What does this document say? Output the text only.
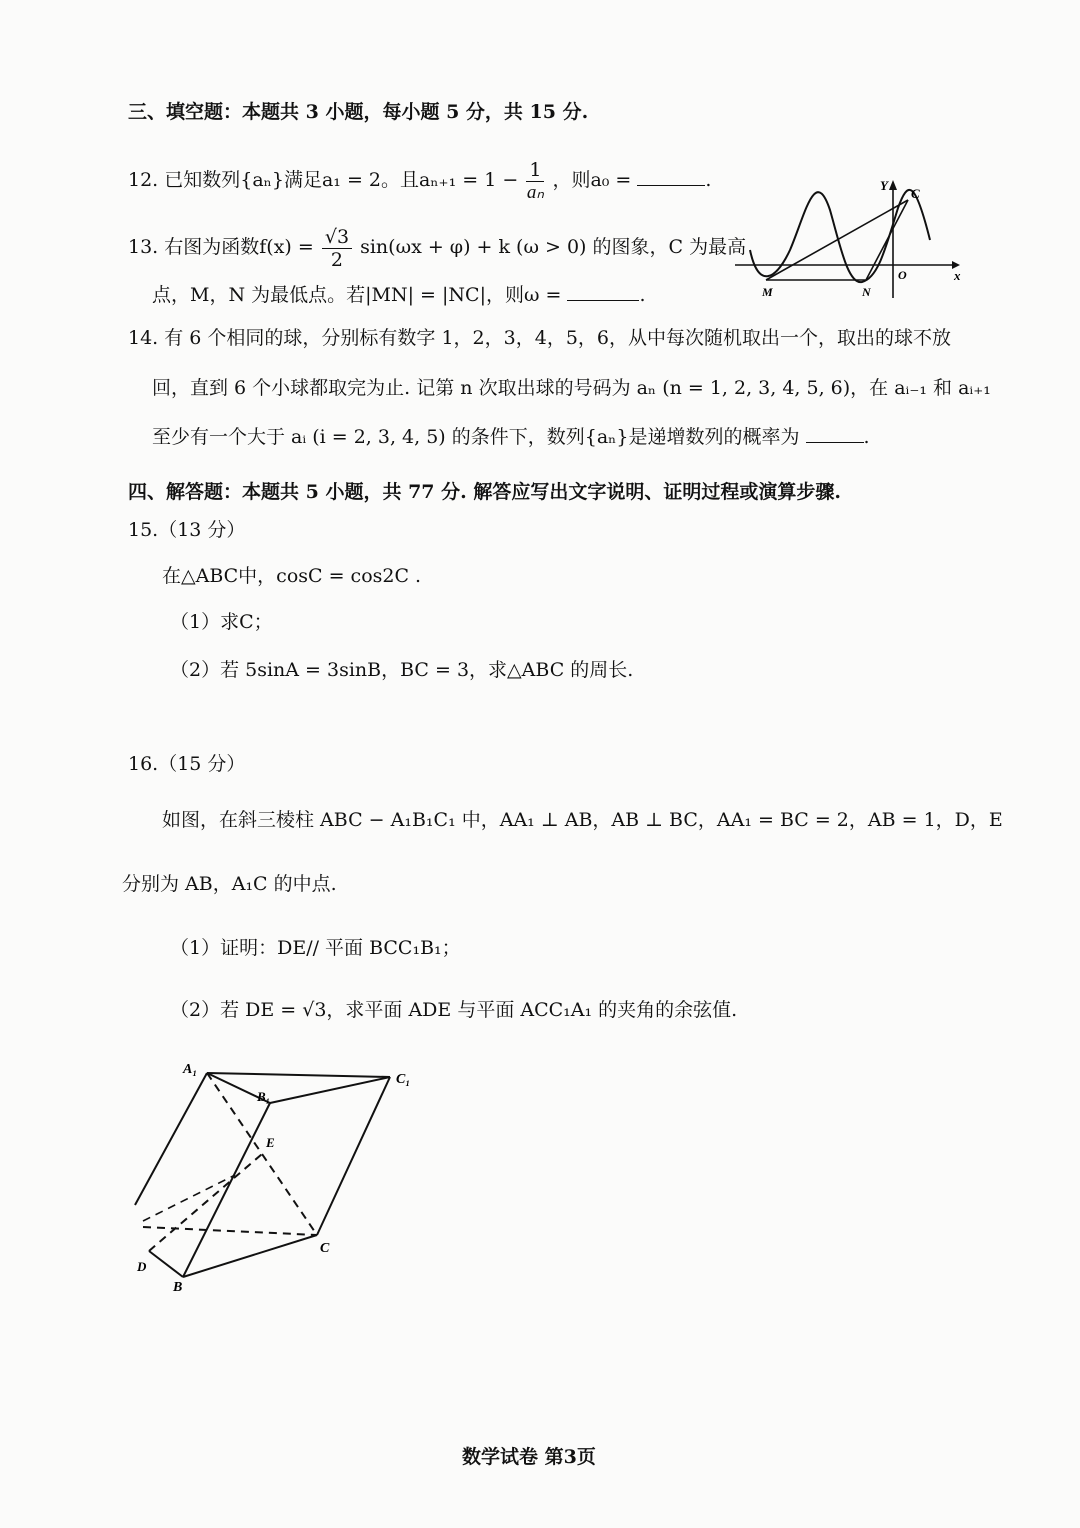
三、填空题：本题共 3 小题，每小题 5 分，共 15 分.
12. 已知数列{aₙ}满足a₁ = 2。且$a_{n+1} = 1 - \frac{1}{\text{aₙ}}$ ，则a₀ =	.
13. 右图为函数$f(x) = \frac{√3}{2} \sin(\omega x + \varphi) + k$ (ω > 0) 的图象，C 为最高
点，M，N 为最低点。若|MN| = |NC|，则ω =	.
Y
x
O
C
M	N
14. 有 6 个相同的球，分别标有数字 1，2，3，4，5，6，从中每次随机取出一个，取出的球不放
回，直到 6 个小球都取完为止. 记第 n 次取出球的号码为 aₙ (n = 1, 2, 3, 4, 5, 6)，在 aᵢ₋₁ 和 aᵢ₊₁
至少有一个大于 aᵢ (i = 2, 3, 4, 5) 的条件下，数列{aₙ}是递增数列的概率为	.
四、解答题：本题共 5 小题，共 77 分. 解答应写出文字说明、证明过程或演算步骤.
15.（13 分）
在△ABC中，cosC = cos2C .
（1）求C；
（2）若 5sinA = 3sinB，BC = 3，求△ABC 的周长.
16.（15 分）
如图，在斜三棱柱 ABC − A₁B₁C₁ 中，AA₁ ⊥ AB，AB ⊥ BC，AA₁ = BC = 2，AB = 1，D，E
分别为 AB，A₁C 的中点.
（1）证明：DE// 平面 BCC₁B₁；
（2）若 DE = √3，求平面 ADE 与平面 ACC₁A₁ 的夹角的余弦值.
A₁
B₁
C₁
E
C
B
D
数学试卷 第3页
